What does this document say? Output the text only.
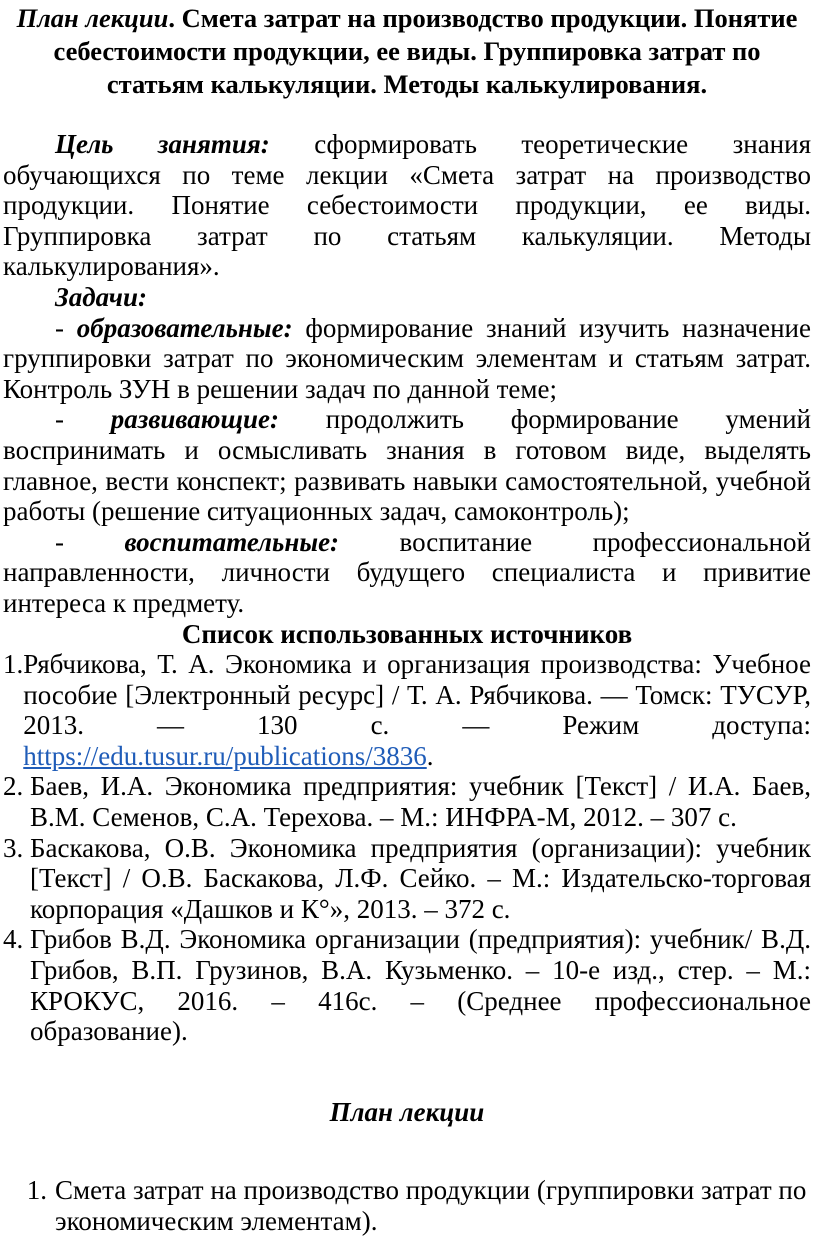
План лекции. Смета затрат на производство продукции. Понятие себестоимости продукции, ее виды. Группировка затрат по статьям калькуляции. Методы калькулирования.

Цель занятия: сформировать теоретические знания обучающихся по теме лекции «Смета затрат на производство продукции. Понятие себестоимости продукции, ее виды. Группировка затрат по статьям калькуляции. Методы калькулирования».

Задачи:

- образовательные: формирование знаний изучить назначение группировки затрат по экономическим элементам и статьям затрат. Контроль ЗУН в решении задач по данной теме;

- развивающие: продолжить формирование умений воспринимать и осмысливать знания в готовом виде, выделять главное, вести конспект; развивать навыки самостоятельной, учебной работы (решение ситуационных задач, самоконтроль);

- воспитательные: воспитание профессиональной направленности, личности будущего специалиста и привитие интереса к предмету.

Список использованных источников

1. Рябчикова, Т. А. Экономика и организация производства: Учебное пособие [Электронный ресурс] / Т. А. Рябчикова. — Томск: ТУСУР, 2013. — 130 с. — Режим доступа: https://edu.tusur.ru/publications/3836.
2. Баев, И.А. Экономика предприятия: учебник [Текст] / И.А. Баев, В.М. Семенов, С.А. Терехова. – М.: ИНФРА-М, 2012. – 307 с.
3. Баскакова, О.В. Экономика предприятия (организации): учебник [Текст] / О.В. Баскакова, Л.Ф. Сейко. – М.: Издательско-торговая корпорация «Дашков и К°», 2013. – 372 с.
4. Грибов В.Д. Экономика организации (предприятия): учебник/ В.Д. Грибов, В.П. Грузинов, В.А. Кузьменко. – 10-е изд., стер. – М.: КРОКУС, 2016. – 416с. – (Среднее профессиональное образование).

План лекции

1. Смета затрат на производство продукции (группировки затрат по экономическим элементам).
